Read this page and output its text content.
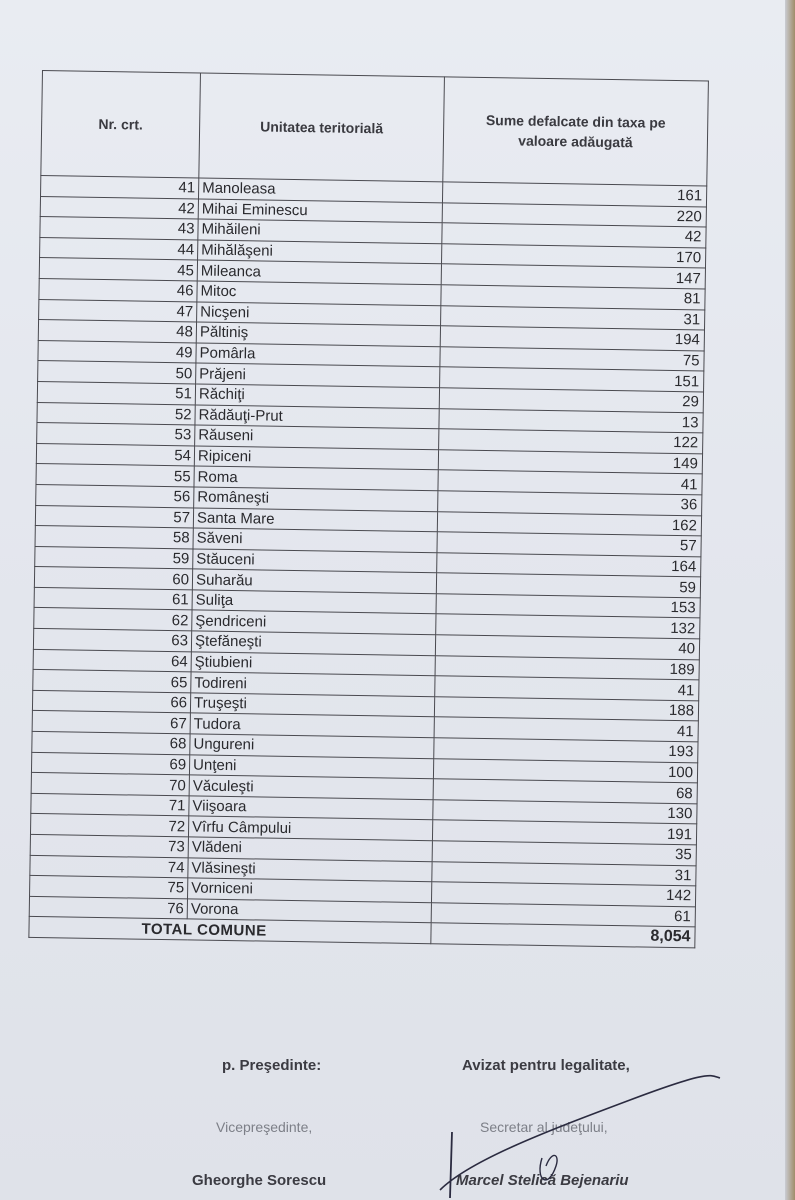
Nr. crt.	Unitatea teritorială	Sume defalcate din taxa pe valoare adăugată

41	Manoleasa	161
42	Mihai Eminescu	220
43	Mihăileni	42
44	Mihălăşeni	170
45	Mileanca	147
46	Mitoc	81
47	Nicşeni	31
48	Păltiniş	194
49	Pomârla	75
50	Prăjeni	151
51	Răchiţi	29
52	Rădăuţi-Prut	13
53	Răuseni	122
54	Ripiceni	149
55	Roma	41
56	Româneşti	36
57	Santa Mare	162
58	Săveni	57
59	Stăuceni	164
60	Suharău	59
61	Suliţa	153
62	Şendriceni	132
63	Ştefăneşti	40
64	Ştiubieni	189
65	Todireni	41
66	Truşeşti	188
67	Tudora	41
68	Ungureni	193
69	Unţeni	100
70	Văculeşti	68
71	Viişoara	130
72	Vîrfu Câmpului	191
73	Vlădeni	35
74	Vlăsineşti	31
75	Vorniceni	142
76	Vorona	61
TOTAL COMUNE		8,054
p. Preşedinte:	Avizat pentru legalitate,
Vicepreşedinte,	Secretar al judeţului,
Gheorghe Sorescu	Marcel Stelică Bejenariu
